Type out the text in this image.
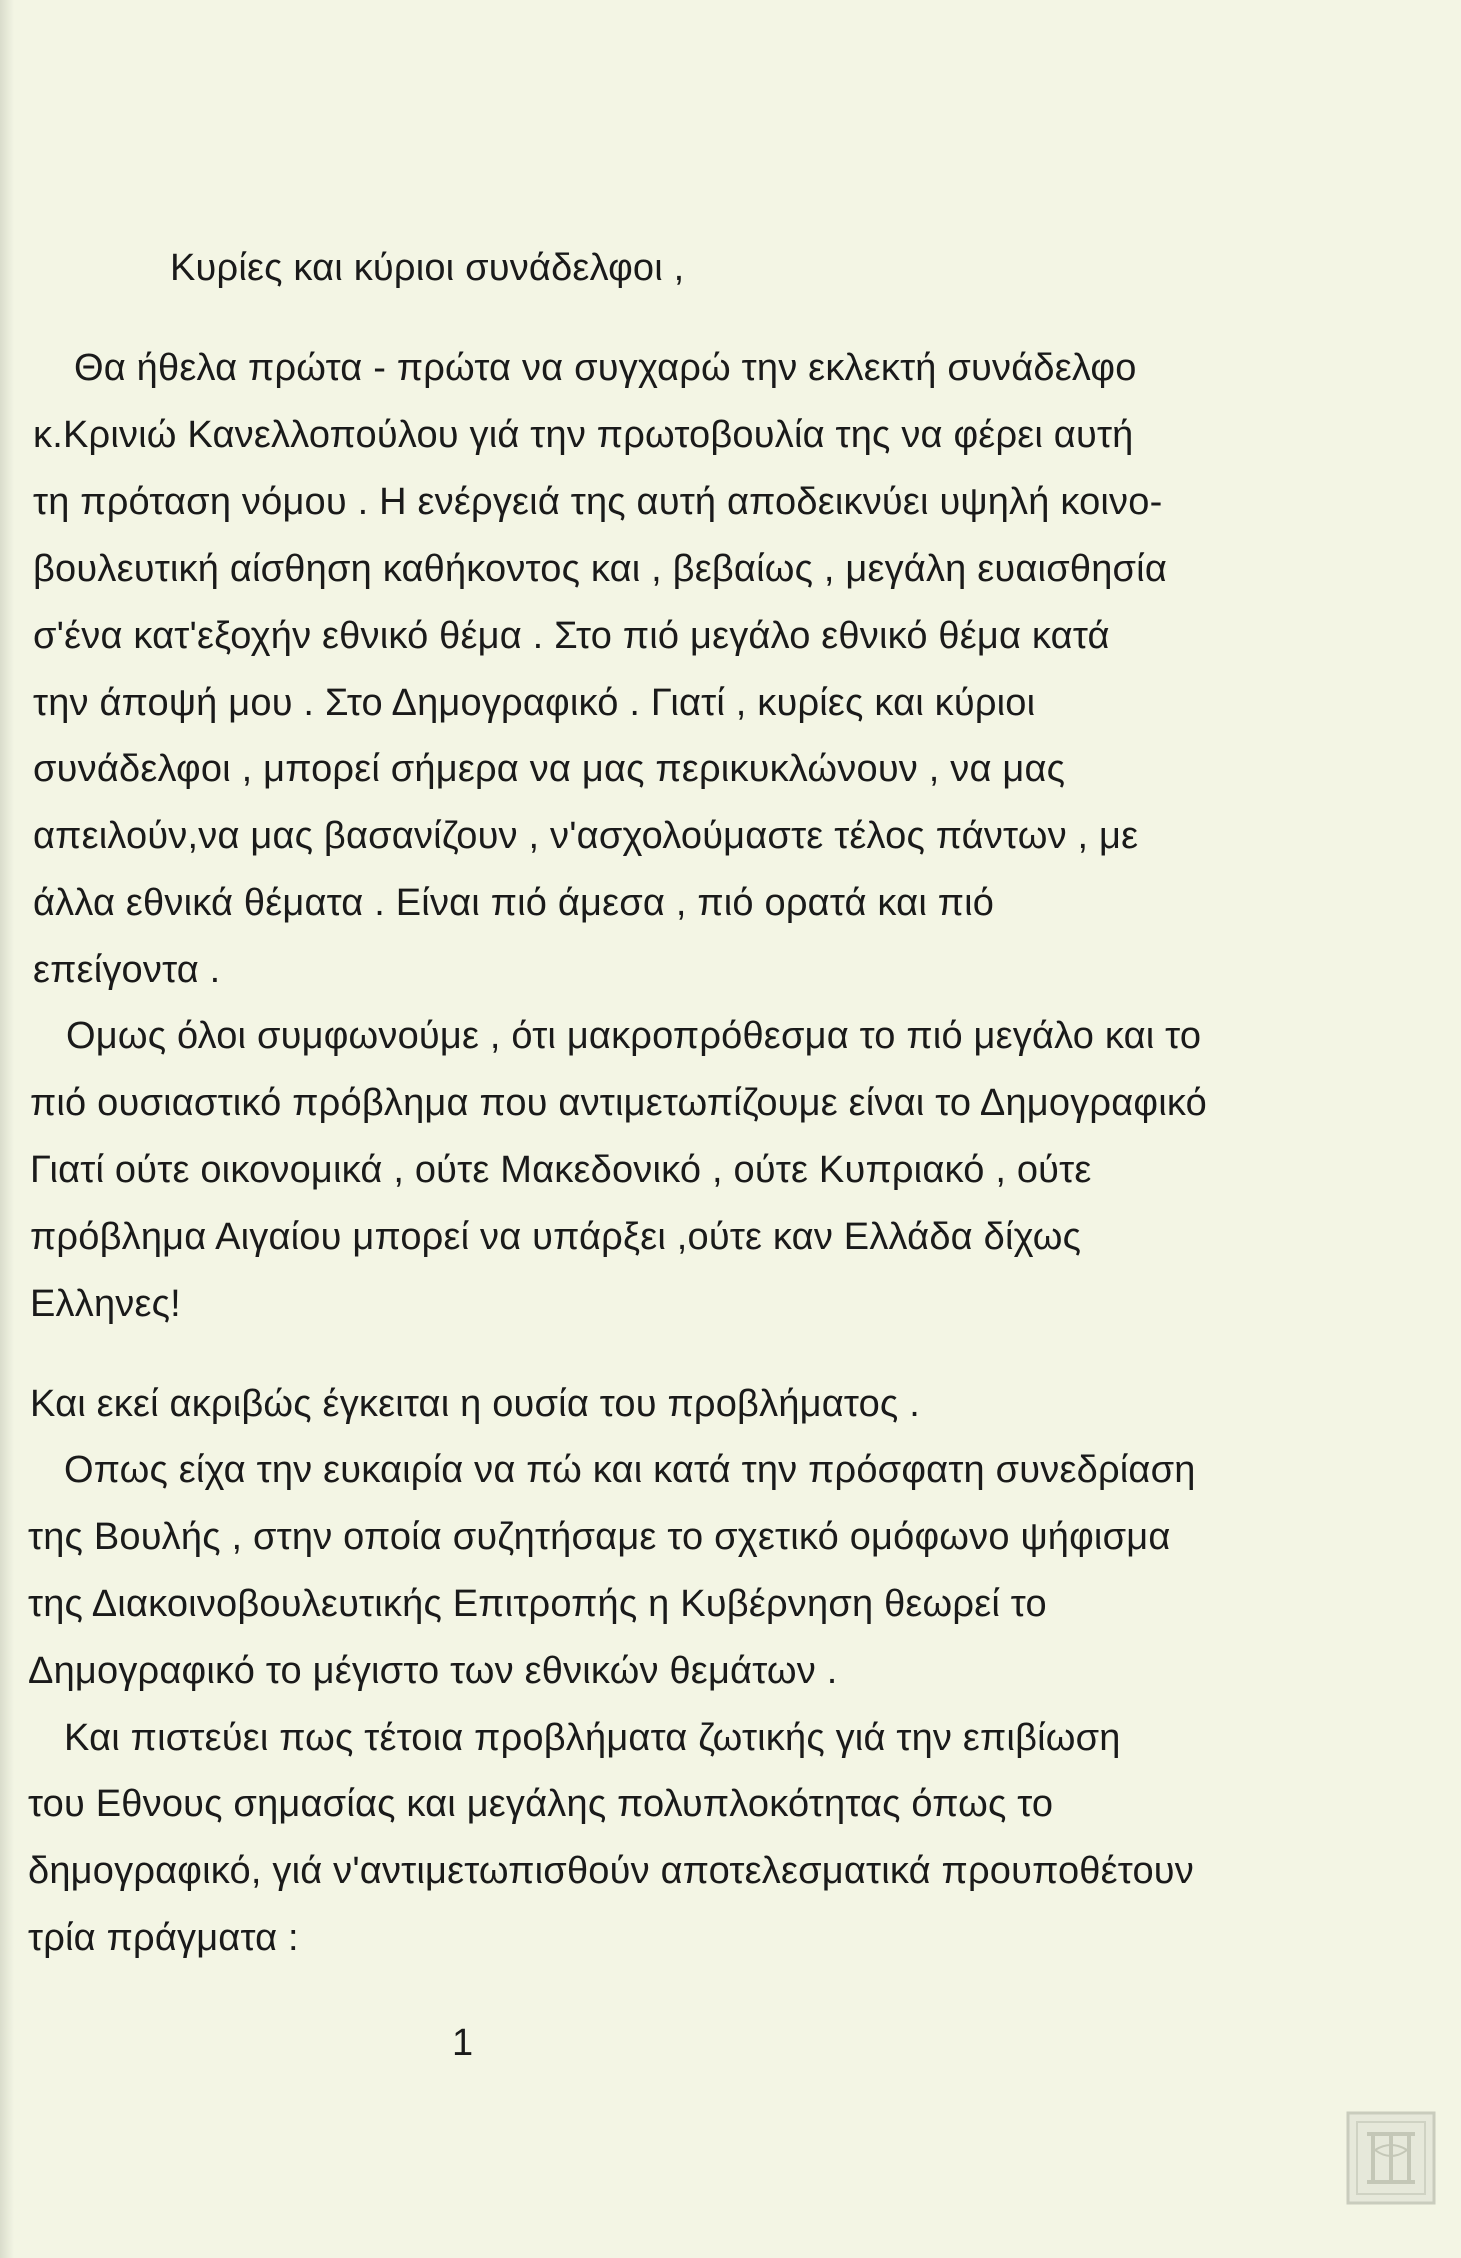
Κυρίες και κύριοι συνάδελφοι ,
Θα ήθελα πρώτα - πρώτα να συγχαρώ την εκλεκτή συνάδελφο
κ.Κρινιώ Κανελλοπούλου γιά την πρωτοβουλία της να φέρει αυτή
τη πρόταση νόμου . Η ενέργειά της αυτή αποδεικνύει υψηλή κοινο-
βουλευτική αίσθηση καθήκοντος και , βεβαίως , μεγάλη ευαισθησία
σ'ένα κατ'εξοχήν εθνικό θέμα . Στο πιό μεγάλο εθνικό θέμα κατά
την άποψή μου . Στο Δημογραφικό . Γιατί , κυρίες και κύριοι
συνάδελφοι , μπορεί σήμερα να μας περικυκλώνουν , να μας
απειλούν,να μας βασανίζουν , ν'ασχολούμαστε τέλος πάντων , με
άλλα εθνικά θέματα . Είναι πιό άμεσα , πιό ορατά και πιό
επείγοντα .
Ομως όλοι συμφωνούμε , ότι μακροπρόθεσμα το πιό μεγάλο και το
πιό ουσιαστικό πρόβλημα που αντιμετωπίζουμε είναι το Δημογραφικό
Γιατί ούτε οικονομικά , ούτε Μακεδονικό , ούτε Κυπριακό , ούτε
πρόβλημα Αιγαίου μπορεί να υπάρξει ,ούτε καν Ελλάδα δίχως
Ελληνες!
Και εκεί ακριβώς έγκειται η ουσία του προβλήματος .
Οπως είχα την ευκαιρία να πώ και κατά την πρόσφατη συνεδρίαση
της Βουλής , στην οποία συζητήσαμε το σχετικό ομόφωνο ψήφισμα
της Διακοινοβουλευτικής Επιτροπής η Κυβέρνηση θεωρεί το
Δημογραφικό το μέγιστο των εθνικών θεμάτων .
Και πιστεύει πως τέτοια προβλήματα ζωτικής γιά την επιβίωση
του Εθνους σημασίας και μεγάλης πολυπλοκότητας όπως το
δημογραφικό, γιά ν'αντιμετωπισθούν αποτελεσματικά προυποθέτουν
τρία πράγματα :
1
